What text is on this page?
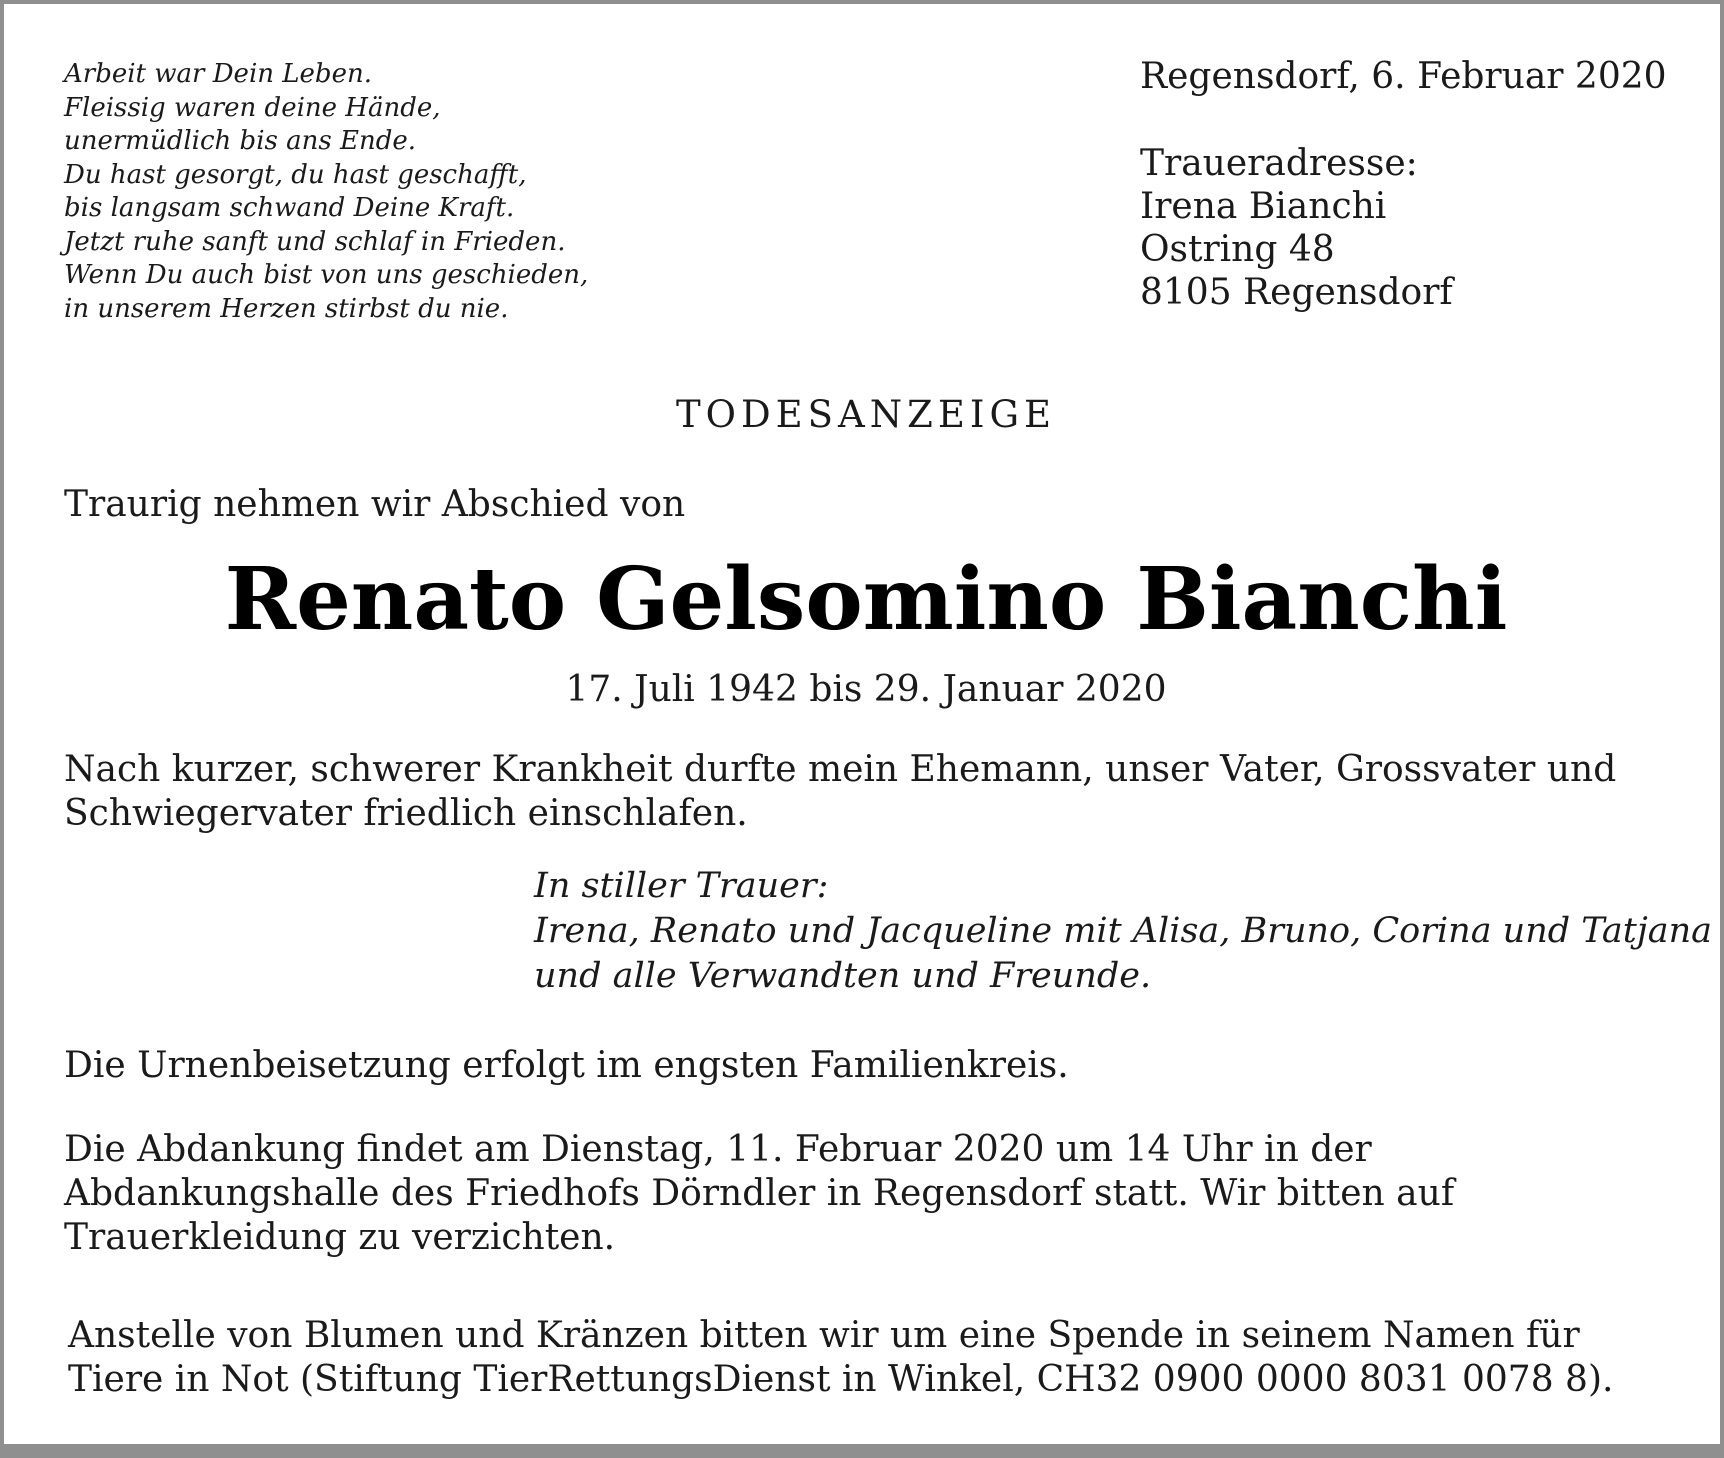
Arbeit war Dein Leben.
Fleissig waren deine Hände,
unermüdlich bis ans Ende.
Du hast gesorgt, du hast geschafft,
bis langsam schwand Deine Kraft.
Jetzt ruhe sanft und schlaf in Frieden.
Wenn Du auch bist von uns geschieden,
in unserem Herzen stirbst du nie.
Regensdorf, 6. Februar 2020
Traueradresse:
Irena Bianchi
Ostring 48
8105 Regensdorf
TODESANZEIGE
Traurig nehmen wir Abschied von
Renato Gelsomino Bianchi
17. Juli 1942 bis 29. Januar 2020
Nach kurzer, schwerer Krankheit durfte mein Ehemann, unser Vater, Grossvater und
Schwiegervater friedlich einschlafen.
In stiller Trauer:
Irena, Renato und Jacqueline mit Alisa, Bruno, Corina und Tatjana
und alle Verwandten und Freunde.
Die Urnenbeisetzung erfolgt im engsten Familienkreis.
Die Abdankung findet am Dienstag, 11. Februar 2020 um 14 Uhr in der
Abdankungshalle des Friedhofs Dörndler in Regensdorf statt. Wir bitten auf
Trauerkleidung zu verzichten.
Anstelle von Blumen und Kränzen bitten wir um eine Spende in seinem Namen für
Tiere in Not (Stiftung TierRettungsDienst in Winkel, CH32 0900 0000 8031 0078 8).
